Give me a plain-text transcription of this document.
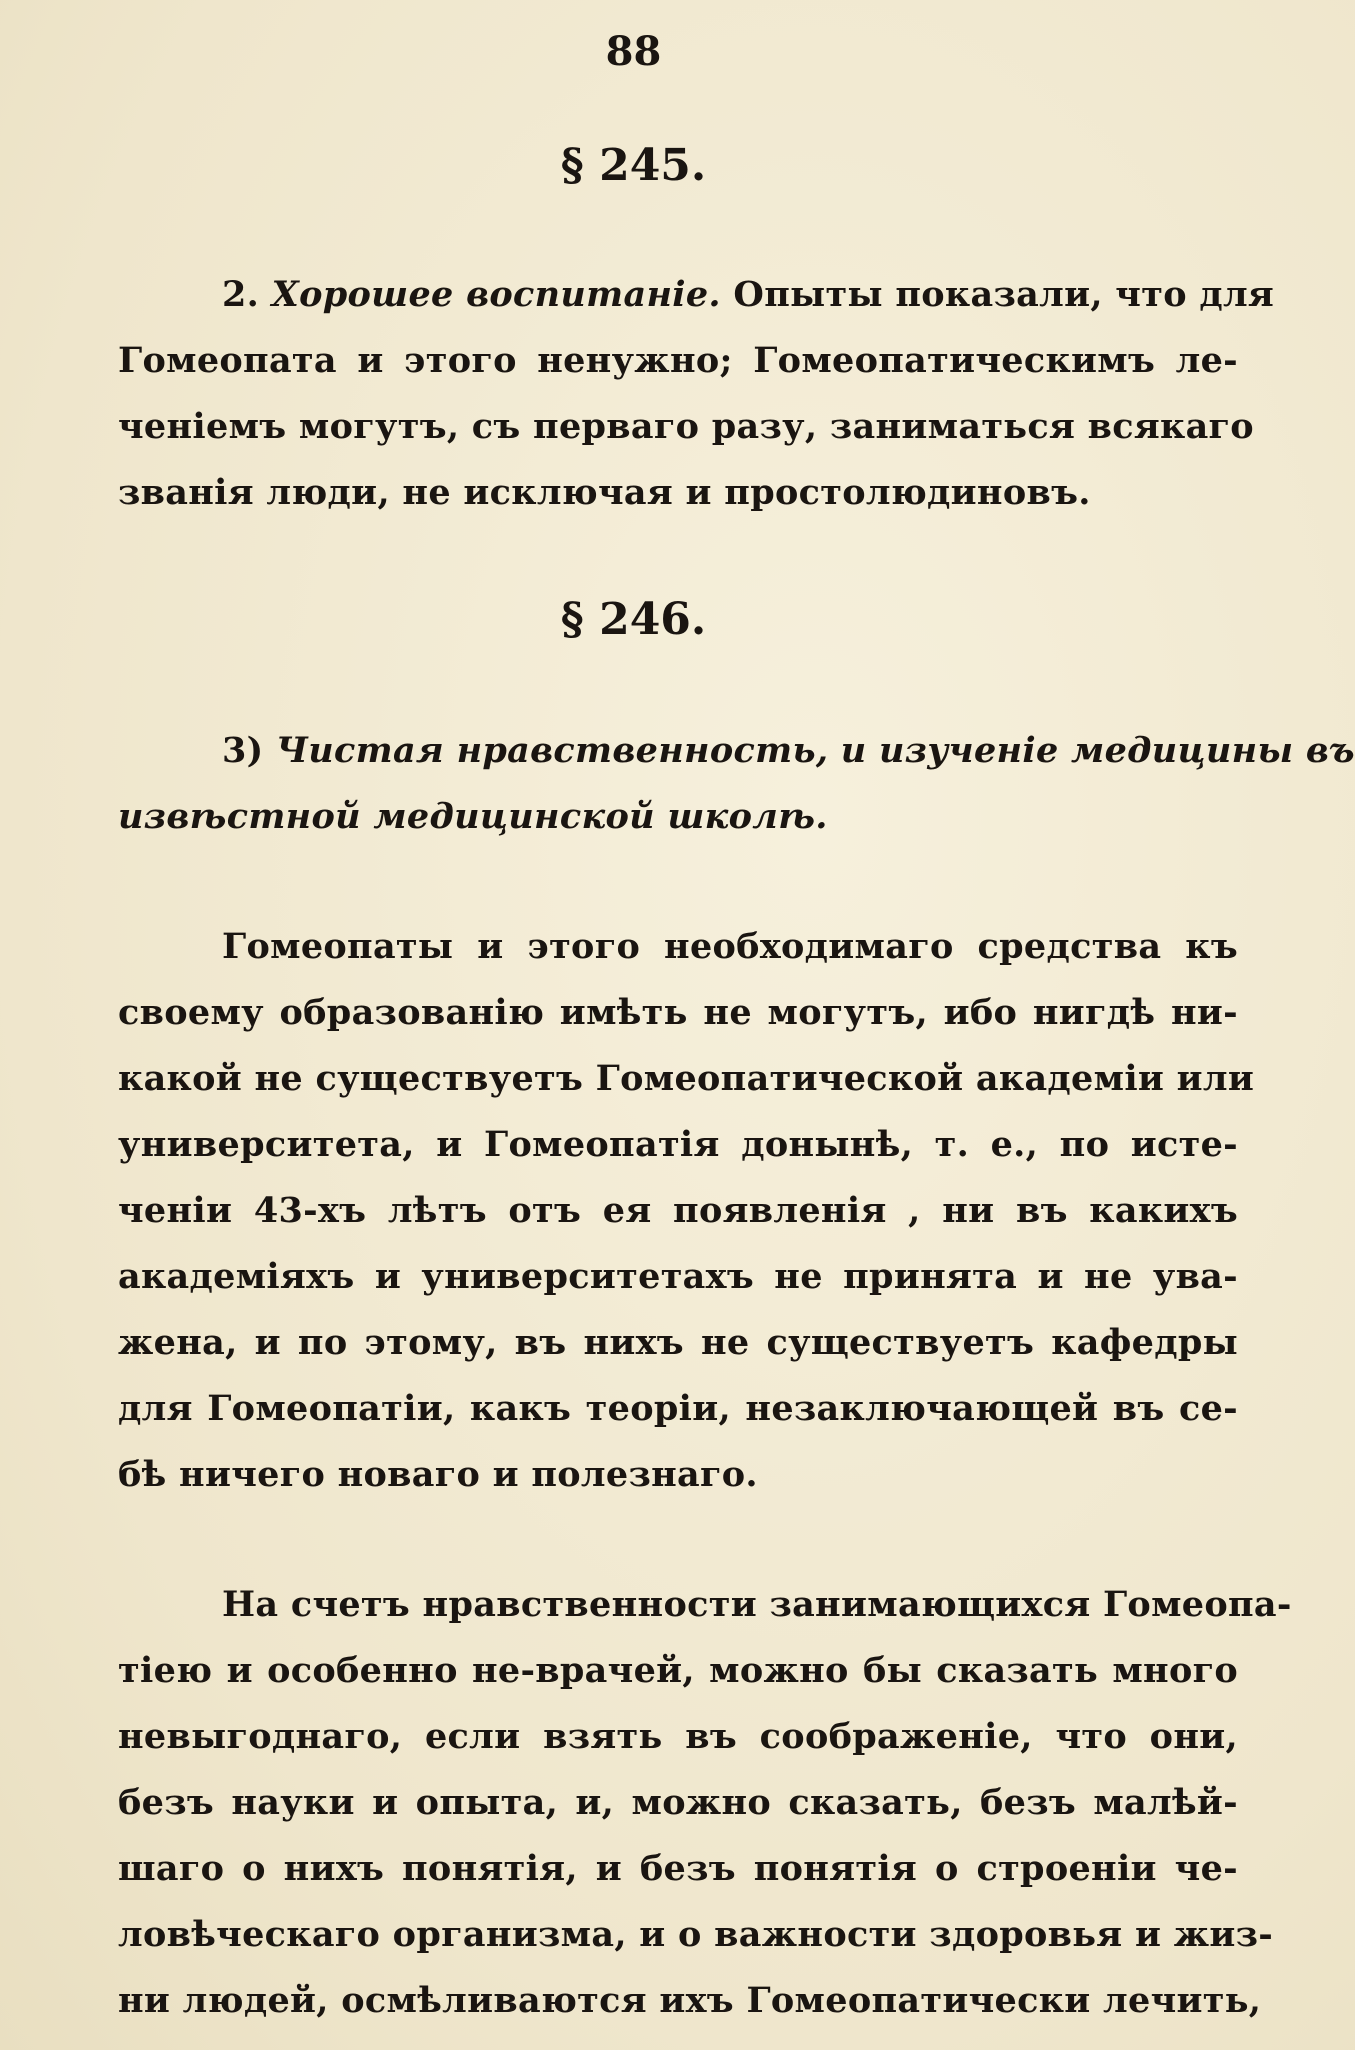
88
§ 245.
2. Хорошее воспитанiе. Опыты показали, что для
Гомеопата и этого ненужно; Гомеопатическимъ ле-
ченiемъ могутъ, съ перваго разу, заниматься всякаго
званiя люди, не исключая и простолюдиновъ.
§ 246.
3) Чистая нравственность, и изученiе медицины въ
извѣстной медицинской школѣ.
Гомеопаты и этого необходимаго средства къ
своему образованiю имѣть не могутъ, ибо нигдѣ ни-
какой не существуетъ Гомеопатической академiи или
университета, и Гомеопатiя донынѣ, т. е., по исте-
ченiи 43-хъ лѣтъ отъ ея появленiя , ни въ какихъ
академiяхъ и университетахъ не принята и не ува-
жена, и по этому, въ нихъ не существуетъ кафедры
для Гомеопатiи, какъ теорiи, незаключающей въ се-
бѣ ничего новаго и полезнаго.
На счетъ нравственности занимающихся Гомеопа-
тiею и особенно не-врачей, можно бы сказать много
невыгоднаго, если взять въ соображенiе, что они,
безъ науки и опыта, и, можно сказать, безъ малѣй-
шаго о нихъ понятiя, и безъ понятiя о строенiи че-
ловѣческаго организма, и о важности здоровья и жиз-
ни людей, осмѣливаются ихъ Гомеопатически лечить,
